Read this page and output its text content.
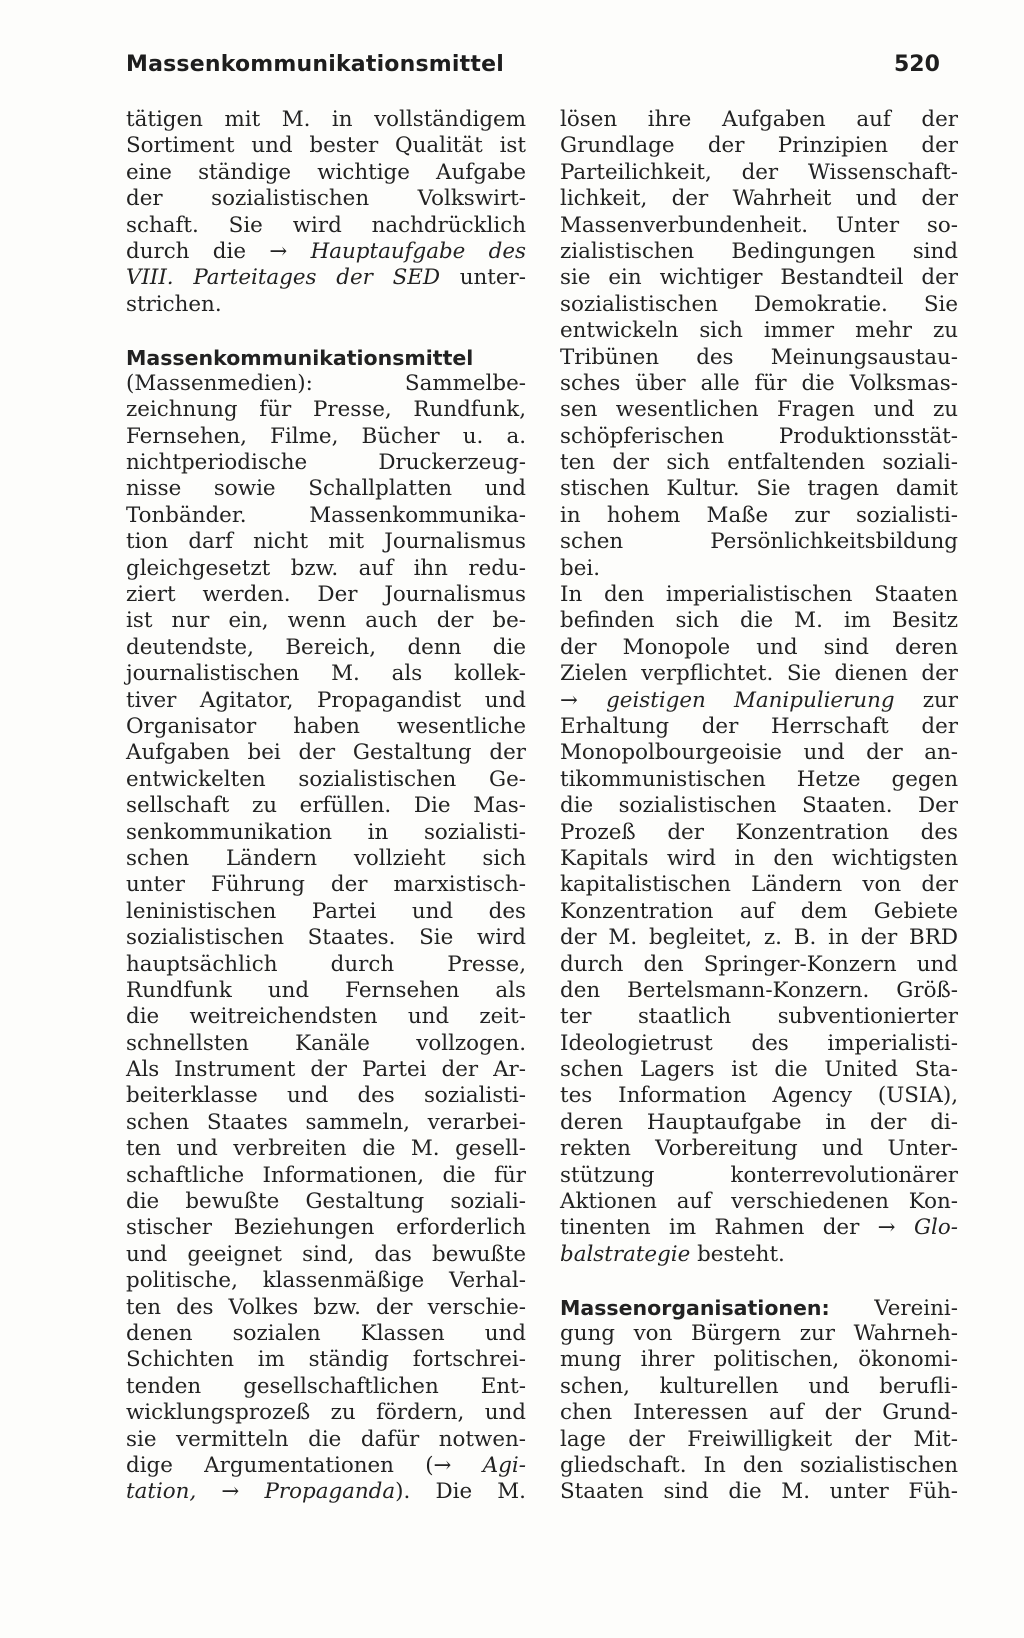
Massenkommunikationsmittel	520
tätigen mit M. in vollständigem
Sortiment und bester Qualität ist
eine ständige wichtige Aufgabe
der sozialistischen Volkswirt-
schaft. Sie wird nachdrücklich
durch die → Hauptaufgabe des
VIII. Parteitages der SED unter-
strichen.
Massenkommunikationsmittel
(Massenmedien): Sammelbe-
zeichnung für Presse, Rundfunk,
Fernsehen, Filme, Bücher u. a.
nichtperiodische Druckerzeug-
nisse sowie Schallplatten und
Tonbänder. Massenkommunika-
tion darf nicht mit Journalismus
gleichgesetzt bzw. auf ihn redu-
ziert werden. Der Journalismus
ist nur ein, wenn auch der be-
deutendste, Bereich, denn die
journalistischen M. als kollek-
tiver Agitator, Propagandist und
Organisator haben wesentliche
Aufgaben bei der Gestaltung der
entwickelten sozialistischen Ge-
sellschaft zu erfüllen. Die Mas-
senkommunikation in sozialisti-
schen Ländern vollzieht sich
unter Führung der marxistisch-
leninistischen Partei und des
sozialistischen Staates. Sie wird
hauptsächlich durch Presse,
Rundfunk und Fernsehen als
die weitreichendsten und zeit-
schnellsten Kanäle vollzogen.
Als Instrument der Partei der Ar-
beiterklasse und des sozialisti-
schen Staates sammeln, verarbei-
ten und verbreiten die M. gesell-
schaftliche Informationen, die für
die bewußte Gestaltung soziali-
stischer Beziehungen erforderlich
und geeignet sind, das bewußte
politische, klassenmäßige Verhal-
ten des Volkes bzw. der verschie-
denen sozialen Klassen und
Schichten im ständig fortschrei-
tenden gesellschaftlichen Ent-
wicklungsprozeß zu fördern, und
sie vermitteln die dafür notwen-
dige Argumentationen (→ Agi-
tation, → Propaganda). Die M.
lösen ihre Aufgaben auf der
Grundlage der Prinzipien der
Parteilichkeit, der Wissenschaft-
lichkeit, der Wahrheit und der
Massenverbundenheit. Unter so-
zialistischen Bedingungen sind
sie ein wichtiger Bestandteil der
sozialistischen Demokratie. Sie
entwickeln sich immer mehr zu
Tribünen des Meinungsaustau-
sches über alle für die Volksmas-
sen wesentlichen Fragen und zu
schöpferischen Produktionsstät-
ten der sich entfaltenden soziali-
stischen Kultur. Sie tragen damit
in hohem Maße zur sozialisti-
schen Persönlichkeitsbildung
bei.
In den imperialistischen Staaten
befinden sich die M. im Besitz
der Monopole und sind deren
Zielen verpflichtet. Sie dienen der
→ geistigen Manipulierung zur
Erhaltung der Herrschaft der
Monopolbourgeoisie und der an-
tikommunistischen Hetze gegen
die sozialistischen Staaten. Der
Prozeß der Konzentration des
Kapitals wird in den wichtigsten
kapitalistischen Ländern von der
Konzentration auf dem Gebiete
der M. begleitet, z. B. in der BRD
durch den Springer-Konzern und
den Bertelsmann-Konzern. Größ-
ter staatlich subventionierter
Ideologietrust des imperialisti-
schen Lagers ist die United Sta-
tes Information Agency (USIA),
deren Hauptaufgabe in der di-
rekten Vorbereitung und Unter-
stützung konterrevolutionärer
Aktionen auf verschiedenen Kon-
tinenten im Rahmen der → Glo-
balstrategie besteht.
Massenorganisationen: Vereini-
gung von Bürgern zur Wahrneh-
mung ihrer politischen, ökonomi-
schen, kulturellen und berufli-
chen Interessen auf der Grund-
lage der Freiwilligkeit der Mit-
gliedschaft. In den sozialistischen
Staaten sind die M. unter Füh-
